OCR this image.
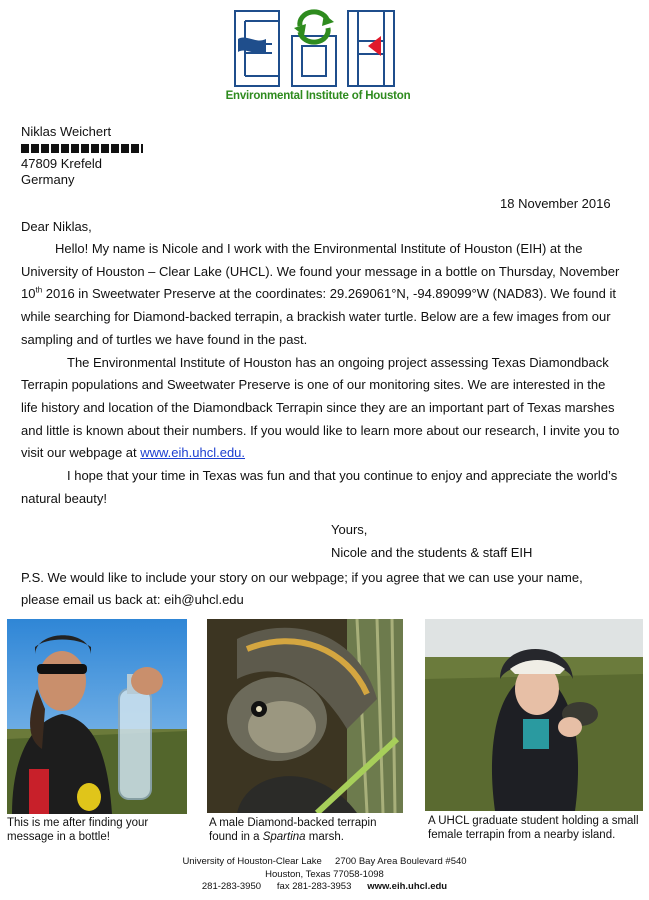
Environmental Institute of Houston
Niklas Weichert
47809 Krefeld
Germany
18 November 2016
Dear Niklas,

Hello! My name is Nicole and I work with the Environmental Institute of Houston (EIH) at the University of Houston – Clear Lake (UHCL). We found your message in a bottle on Thursday, November 10th 2016 in Sweetwater Preserve at the coordinates: 29.269061°N, -94.89099°W (NAD83). We found it while searching for Diamond-backed terrapin, a brackish water turtle. Below are a few images from our sampling and of turtles we have found in the past.

The Environmental Institute of Houston has an ongoing project assessing Texas Diamondback Terrapin populations and Sweetwater Preserve is one of our monitoring sites. We are interested in the life history and location of the Diamondback Terrapin since they are an important part of Texas marshes and little is known about their numbers. If you would like to learn more about our research, I invite you to visit our webpage at www.eih.uhcl.edu.

I hope that your time in Texas was fun and that you continue to enjoy and appreciate the world’s natural beauty!

Yours,
Nicole and the students & staff EIH
P.S. We would like to include your story on our webpage; if you agree that we can use your name, please email us back at: eih@uhcl.edu
This is me after finding your message in a bottle!
A male Diamond-backed terrapin found in a Spartina marsh.
A UHCL graduate student holding a small female terrapin from a nearby island.
University of Houston-Clear Lake 2700 Bay Area Boulevard #540
Houston, Texas 77058-1098
281-283-3950 fax 281-283-3953 www.eih.uhcl.edu
